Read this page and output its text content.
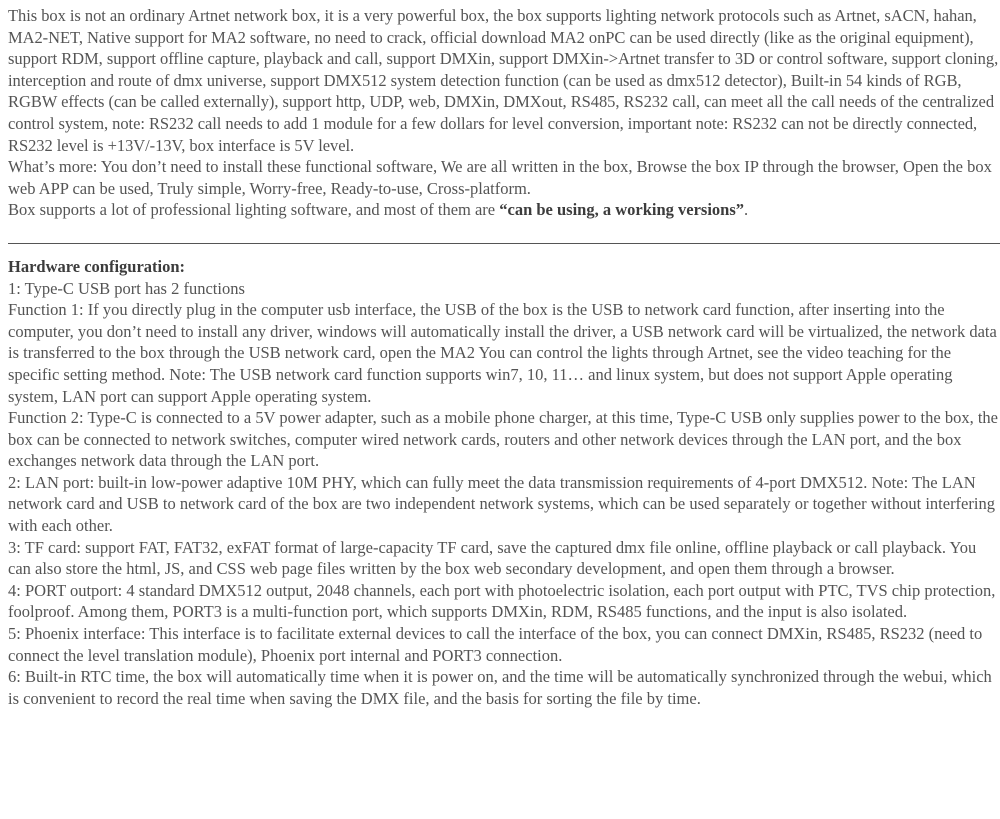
This box is not an ordinary Artnet network box, it is a very powerful box, the box supports lighting network protocols such as Artnet, sACN, hahan, MA2-NET, Native support for MA2 software, no need to crack, official download MA2 onPC can be used directly (like as the original equipment), support RDM, support offline capture, playback and call, support DMXin, support DMXin->Artnet transfer to 3D or control software, support cloning, interception and route of dmx universe, support DMX512 system detection function (can be used as dmx512 detector), Built-in 54 kinds of RGB, RGBW effects (can be called externally), support http, UDP, web, DMXin, DMXout, RS485, RS232 call, can meet all the call needs of the centralized control system, note: RS232 call needs to add 1 module for a few dollars for level conversion, important note: RS232 can not be directly connected, RS232 level is +13V/-13V, box interface is 5V level.

What’s more: You don’t need to install these functional software, We are all written in the box, Browse the box IP through the browser, Open the box web APP can be used, Truly simple, Worry-free, Ready-to-use, Cross-platform.

Box supports a lot of professional lighting software, and most of them are “can be using, a working versions”.

Hardware configuration:

1: Type-C USB port has 2 functions

Function 1: If you directly plug in the computer usb interface, the USB of the box is the USB to network card function, after inserting into the computer, you don’t need to install any driver, windows will automatically install the driver, a USB network card will be virtualized, the network data is transferred to the box through the USB network card, open the MA2 You can control the lights through Artnet, see the video teaching for the specific setting method. Note: The USB network card function supports win7, 10, 11… and linux system, but does not support Apple operating system, LAN port can support Apple operating system.

Function 2: Type-C is connected to a 5V power adapter, such as a mobile phone charger, at this time, Type-C USB only supplies power to the box, the box can be connected to network switches, computer wired network cards, routers and other network devices through the LAN port, and the box exchanges network data through the LAN port.

2: LAN port: built-in low-power adaptive 10M PHY, which can fully meet the data transmission requirements of 4-port DMX512. Note: The LAN network card and USB to network card of the box are two independent network systems, which can be used separately or together without interfering with each other.

3: TF card: support FAT, FAT32, exFAT format of large-capacity TF card, save the captured dmx file online, offline playback or call playback. You can also store the html, JS, and CSS web page files written by the box web secondary development, and open them through a browser.

4: PORT outport: 4 standard DMX512 output, 2048 channels, each port with photoelectric isolation, each port output with PTC, TVS chip protection, foolproof. Among them, PORT3 is a multi-function port, which supports DMXin, RDM, RS485 functions, and the input is also isolated.

5: Phoenix interface: This interface is to facilitate external devices to call the interface of the box, you can connect DMXin, RS485, RS232 (need to connect the level translation module), Phoenix port internal and PORT3 connection.

6: Built-in RTC time, the box will automatically time when it is power on, and the time will be automatically synchronized through the webui, which is convenient to record the real time when saving the DMX file, and the basis for sorting the file by time.
